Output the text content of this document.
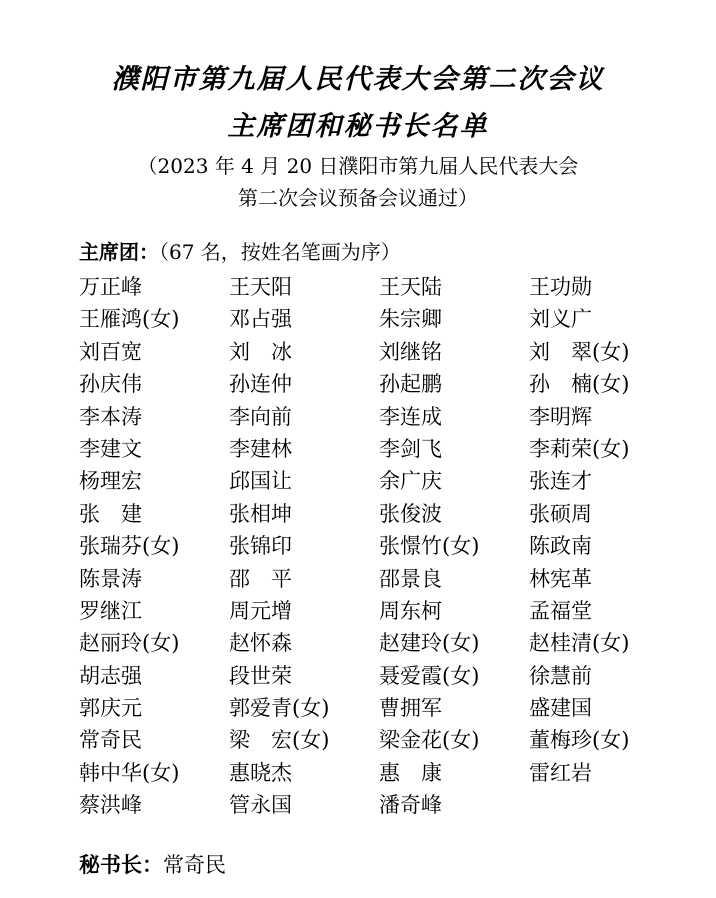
濮阳市第九届人民代表大会第二次会议
主席团和秘书长名单
（2023 年 4 月 20 日濮阳市第九届人民代表大会
第二次会议预备会议通过）
主席团：（67 名，按姓名笔画为序）
万正峰	王天阳	王天陆	王功勋
王雁鸿(女)	邓占强	朱宗卿	刘义广
刘百宽	刘　冰	刘继铭	刘　翠(女)
孙庆伟	孙连仲	孙起鹏	孙　楠(女)
李本涛	李向前	李连成	李明辉
李建文	李建林	李剑飞	李莉荣(女)
杨理宏	邱国让	余广庆	张连才
张　建	张相坤	张俊波	张硕周
张瑞芬(女)	张锦印	张憬竹(女)	陈政南
陈景涛	邵　平	邵景良	林宪革
罗继江	周元增	周东柯	孟福堂
赵丽玲(女)	赵怀森	赵建玲(女)	赵桂清(女)
胡志强	段世荣	聂爱霞(女)	徐慧前
郭庆元	郭爱青(女)	曹拥军	盛建国
常奇民	梁　宏(女)	梁金花(女)	董梅珍(女)
韩中华(女)	惠晓杰	惠　康	雷红岩
蔡洪峰	管永国	潘奇峰
秘书长：常奇民
